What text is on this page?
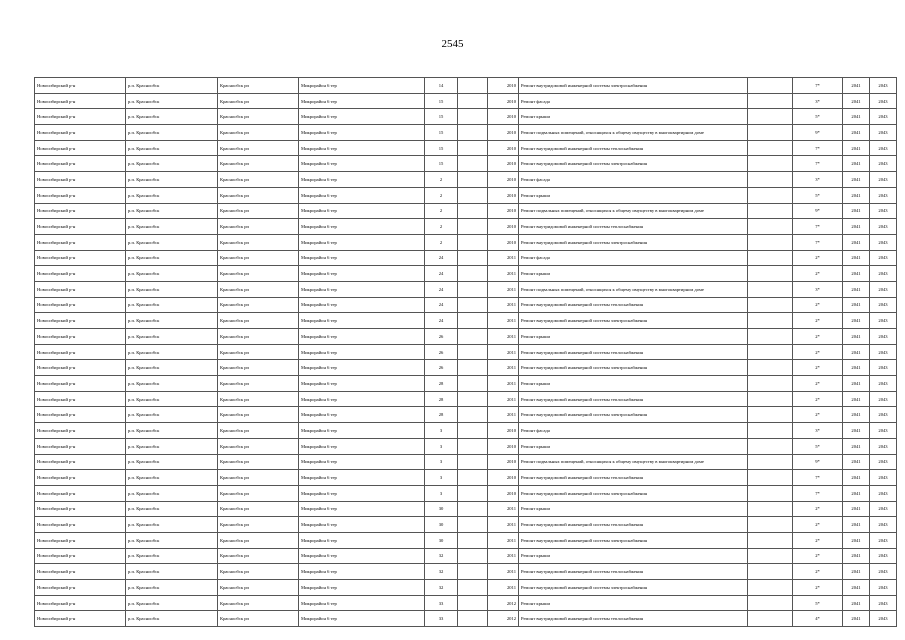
2545
Новосибирский р-н	р.п. Краснообск	Краснообск рп	Микрорайон 6 тер	14		2010	Ремонт внутридомовой инженерной системы электроснабжения		7*	2041	2043
Новосибирский р-н	р.п. Краснообск	Краснообск рп	Микрорайон 6 тер	15		2010	Ремонт фасада		3*	2041	2043
Новосибирский р-н	р.п. Краснообск	Краснообск рп	Микрорайон 6 тер	15		2010	Ремонт крыши		5*	2041	2043
Новосибирский р-н	р.п. Краснообск	Краснообск рп	Микрорайон 6 тер	15		2010	Ремонт подвальных помещений, относящихся к общему имуществу в многоквартирном доме		9*	2041	2043
Новосибирский р-н	р.п. Краснообск	Краснообск рп	Микрорайон 6 тер	15		2010	Ремонт внутридомовой инженерной системы теплоснабжения		7*	2041	2043
Новосибирский р-н	р.п. Краснообск	Краснообск рп	Микрорайон 6 тер	15		2010	Ремонт внутридомовой инженерной системы электроснабжения		7*	2041	2043
Новосибирский р-н	р.п. Краснообск	Краснообск рп	Микрорайон 6 тер	2		2010	Ремонт фасада		3*	2041	2043
Новосибирский р-н	р.п. Краснообск	Краснообск рп	Микрорайон 6 тер	2		2010	Ремонт крыши		5*	2041	2043
Новосибирский р-н	р.п. Краснообск	Краснообск рп	Микрорайон 6 тер	2		2010	Ремонт подвальных помещений, относящихся к общему имуществу в многоквартирном доме		9*	2041	2043
Новосибирский р-н	р.п. Краснообск	Краснообск рп	Микрорайон 6 тер	2		2010	Ремонт внутридомовой инженерной системы теплоснабжения		7*	2041	2043
Новосибирский р-н	р.п. Краснообск	Краснообск рп	Микрорайон 6 тер	2		2010	Ремонт внутридомовой инженерной системы электроснабжения		7*	2041	2043
Новосибирский р-н	р.п. Краснообск	Краснообск рп	Микрорайон 6 тер	24		2011	Ремонт фасада		2*	2041	2043
Новосибирский р-н	р.п. Краснообск	Краснообск рп	Микрорайон 6 тер	24		2011	Ремонт крыши		2*	2041	2043
Новосибирский р-н	р.п. Краснообск	Краснообск рп	Микрорайон 6 тер	24		2011	Ремонт подвальных помещений, относящихся к общему имуществу в многоквартирном доме		3*	2041	2043
Новосибирский р-н	р.п. Краснообск	Краснообск рп	Микрорайон 6 тер	24		2011	Ремонт внутридомовой инженерной системы теплоснабжения		2*	2041	2043
Новосибирский р-н	р.п. Краснообск	Краснообск рп	Микрорайон 6 тер	24		2011	Ремонт внутридомовой инженерной системы электроснабжения		2*	2041	2043
Новосибирский р-н	р.п. Краснообск	Краснообск рп	Микрорайон 6 тер	26		2011	Ремонт крыши		2*	2041	2043
Новосибирский р-н	р.п. Краснообск	Краснообск рп	Микрорайон 6 тер	26		2011	Ремонт внутридомовой инженерной системы теплоснабжения		2*	2041	2043
Новосибирский р-н	р.п. Краснообск	Краснообск рп	Микрорайон 6 тер	26		2011	Ремонт внутридомовой инженерной системы электроснабжения		2*	2041	2043
Новосибирский р-н	р.п. Краснообск	Краснообск рп	Микрорайон 6 тер	28		2011	Ремонт крыши		2*	2041	2043
Новосибирский р-н	р.п. Краснообск	Краснообск рп	Микрорайон 6 тер	28		2011	Ремонт внутридомовой инженерной системы теплоснабжения		2*	2041	2043
Новосибирский р-н	р.п. Краснообск	Краснообск рп	Микрорайон 6 тер	28		2011	Ремонт внутридомовой инженерной системы электроснабжения		2*	2041	2043
Новосибирский р-н	р.п. Краснообск	Краснообск рп	Микрорайон 6 тер	3		2010	Ремонт фасада		3*	2041	2043
Новосибирский р-н	р.п. Краснообск	Краснообск рп	Микрорайон 6 тер	3		2010	Ремонт крыши		5*	2041	2043
Новосибирский р-н	р.п. Краснообск	Краснообск рп	Микрорайон 6 тер	3		2010	Ремонт подвальных помещений, относящихся к общему имуществу в многоквартирном доме		9*	2041	2043
Новосибирский р-н	р.п. Краснообск	Краснообск рп	Микрорайон 6 тер	3		2010	Ремонт внутридомовой инженерной системы теплоснабжения		7*	2041	2043
Новосибирский р-н	р.п. Краснообск	Краснообск рп	Микрорайон 6 тер	3		2010	Ремонт внутридомовой инженерной системы электроснабжения		7*	2041	2043
Новосибирский р-н	р.п. Краснообск	Краснообск рп	Микрорайон 6 тер	30		2011	Ремонт крыши		2*	2041	2043
Новосибирский р-н	р.п. Краснообск	Краснообск рп	Микрорайон 6 тер	30		2011	Ремонт внутридомовой инженерной системы теплоснабжения		2*	2041	2043
Новосибирский р-н	р.п. Краснообск	Краснообск рп	Микрорайон 6 тер	30		2011	Ремонт внутридомовой инженерной системы электроснабжения		2*	2041	2043
Новосибирский р-н	р.п. Краснообск	Краснообск рп	Микрорайон 6 тер	32		2011	Ремонт крыши		2*	2041	2043
Новосибирский р-н	р.п. Краснообск	Краснообск рп	Микрорайон 6 тер	32		2011	Ремонт внутридомовой инженерной системы теплоснабжения		2*	2041	2043
Новосибирский р-н	р.п. Краснообск	Краснообск рп	Микрорайон 6 тер	32		2011	Ремонт внутридомовой инженерной системы электроснабжения		2*	2041	2043
Новосибирский р-н	р.п. Краснообск	Краснообск рп	Микрорайон 6 тер	33		2012	Ремонт крыши		5*	2041	2043
Новосибирский р-н	р.п. Краснообск	Краснообск рп	Микрорайон 6 тер	33		2012	Ремонт внутридомовой инженерной системы теплоснабжения		4*	2041	2043
